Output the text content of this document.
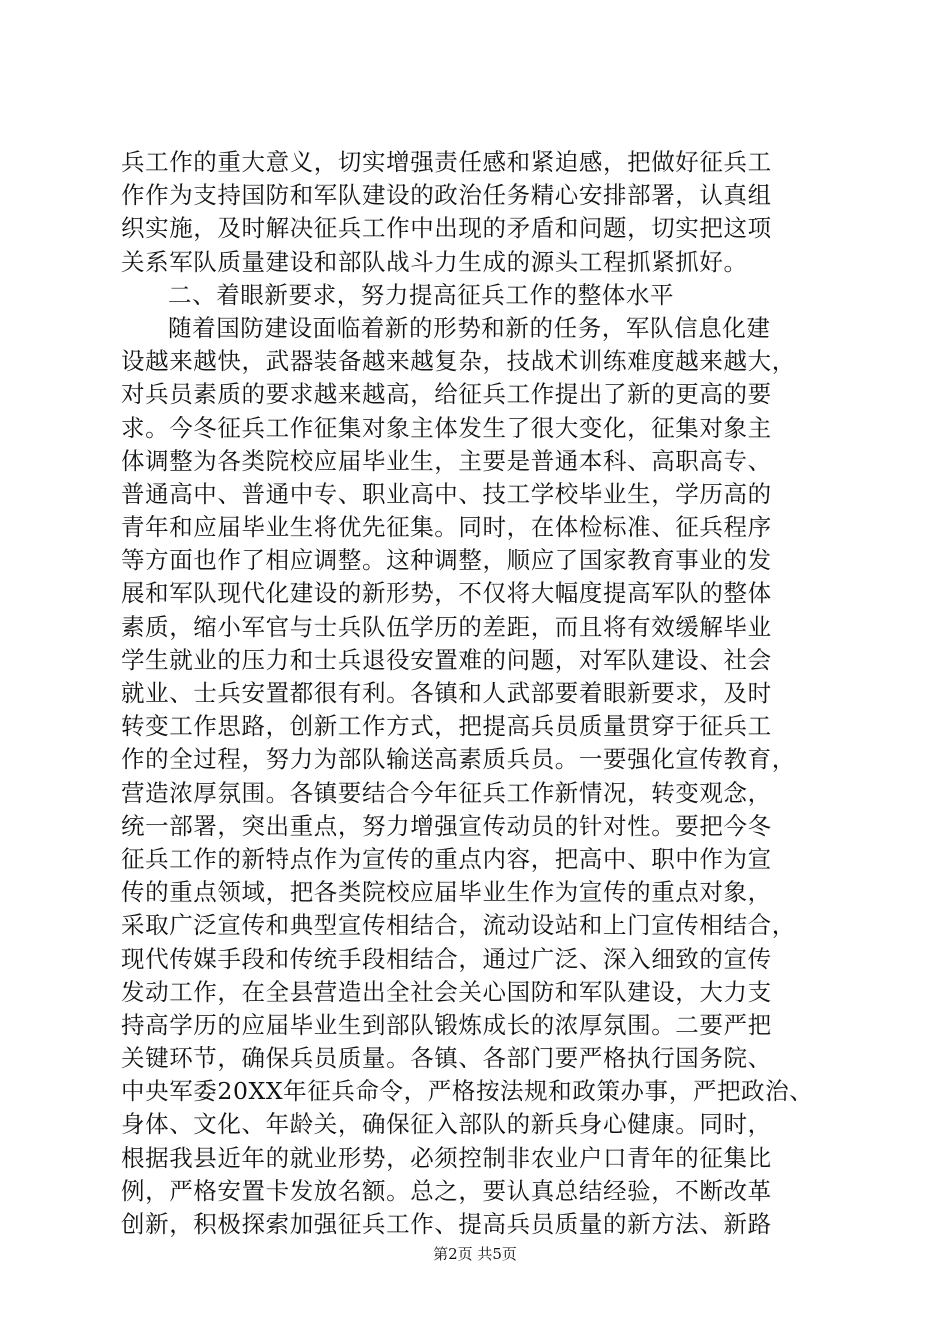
兵工作的重大意义，切实增强责任感和紧迫感，把做好征兵工
作作为支持国防和军队建设的政治任务精心安排部署，认真组
织实施，及时解决征兵工作中出现的矛盾和问题，切实把这项
关系军队质量建设和部队战斗力生成的源头工程抓紧抓好。
二、着眼新要求，努力提高征兵工作的整体水平
随着国防建设面临着新的形势和新的任务，军队信息化建
设越来越快，武器装备越来越复杂，技战术训练难度越来越大，
对兵员素质的要求越来越高，给征兵工作提出了新的更高的要
求。今冬征兵工作征集对象主体发生了很大变化，征集对象主
体调整为各类院校应届毕业生，主要是普通本科、高职高专、
普通高中、普通中专、职业高中、技工学校毕业生，学历高的
青年和应届毕业生将优先征集。同时，在体检标准、征兵程序
等方面也作了相应调整。这种调整，顺应了国家教育事业的发
展和军队现代化建设的新形势，不仅将大幅度提高军队的整体
素质，缩小军官与士兵队伍学历的差距，而且将有效缓解毕业
学生就业的压力和士兵退役安置难的问题，对军队建设、社会
就业、士兵安置都很有利。各镇和人武部要着眼新要求，及时
转变工作思路，创新工作方式，把提高兵员质量贯穿于征兵工
作的全过程，努力为部队输送高素质兵员。一要强化宣传教育，
营造浓厚氛围。各镇要结合今年征兵工作新情况，转变观念，
统一部署，突出重点，努力增强宣传动员的针对性。要把今冬
征兵工作的新特点作为宣传的重点内容，把高中、职中作为宣
传的重点领域，把各类院校应届毕业生作为宣传的重点对象，
采取广泛宣传和典型宣传相结合，流动设站和上门宣传相结合，
现代传媒手段和传统手段相结合，通过广泛、深入细致的宣传
发动工作，在全县营造出全社会关心国防和军队建设，大力支
持高学历的应届毕业生到部队锻炼成长的浓厚氛围。二要严把
关键环节，确保兵员质量。各镇、各部门要严格执行国务院、
中央军委20XX年征兵命令，严格按法规和政策办事，严把政治、
身体、文化、年龄关，确保征入部队的新兵身心健康。同时，
根据我县近年的就业形势，必须控制非农业户口青年的征集比
例，严格安置卡发放名额。总之，要认真总结经验，不断改革
创新，积极探索加强征兵工作、提高兵员质量的新方法、新路
第2页 共5页
